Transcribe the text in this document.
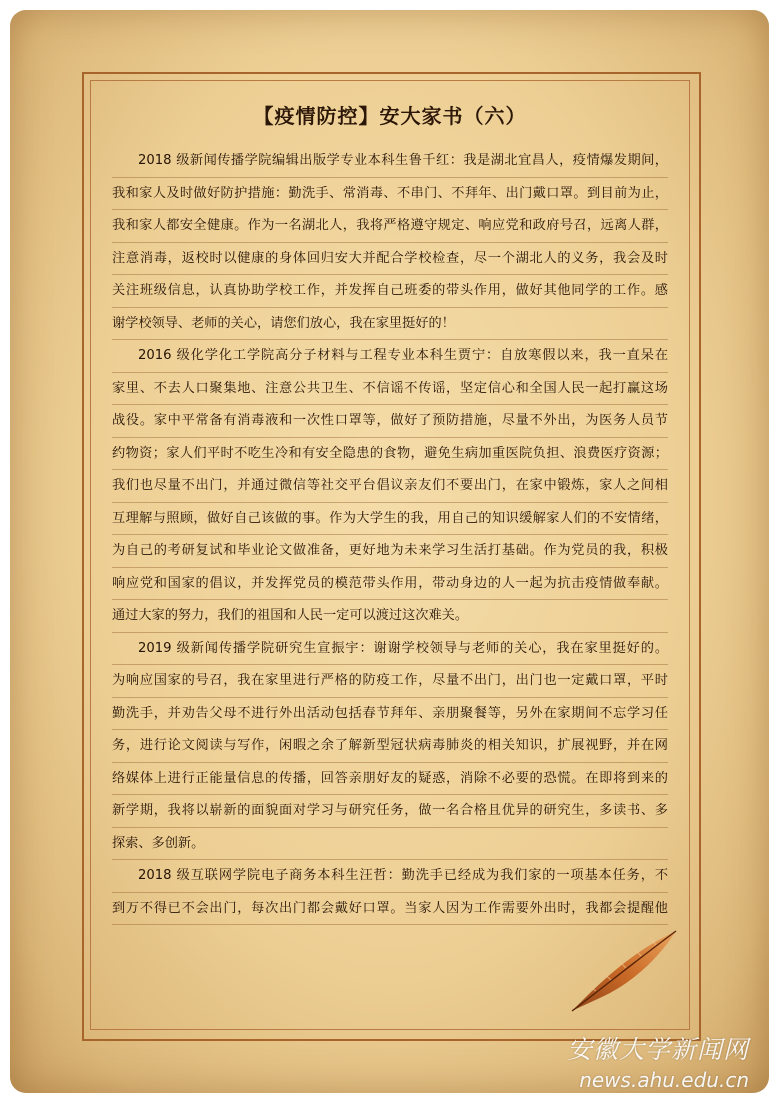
【疫情防控】安大家书（六）
2018 级新闻传播学院编辑出版学专业本科生鲁千红：我是湖北宜昌人，疫情爆发期间，
我和家人及时做好防护措施：勤洗手、常消毒、不串门、不拜年、出门戴口罩。到目前为止，
我和家人都安全健康。作为一名湖北人，我将严格遵守规定、响应党和政府号召，远离人群，
注意消毒，返校时以健康的身体回归安大并配合学校检查，尽一个湖北人的义务，我会及时
关注班级信息，认真协助学校工作，并发挥自己班委的带头作用，做好其他同学的工作。感
谢学校领导、老师的关心，请您们放心，我在家里挺好的！
2016 级化学化工学院高分子材料与工程专业本科生贾宁：自放寒假以来，我一直呆在
家里、不去人口聚集地、注意公共卫生、不信谣不传谣，坚定信心和全国人民一起打赢这场
战役。家中平常备有消毒液和一次性口罩等，做好了预防措施，尽量不外出，为医务人员节
约物资；家人们平时不吃生冷和有安全隐患的食物，避免生病加重医院负担、浪费医疗资源；
我们也尽量不出门，并通过微信等社交平台倡议亲友们不要出门，在家中锻炼，家人之间相
互理解与照顾，做好自己该做的事。作为大学生的我，用自己的知识缓解家人们的不安情绪，
为自己的考研复试和毕业论文做准备，更好地为未来学习生活打基础。作为党员的我，积极
响应党和国家的倡议，并发挥党员的模范带头作用，带动身边的人一起为抗击疫情做奉献。
通过大家的努力，我们的祖国和人民一定可以渡过这次难关。
2019 级新闻传播学院研究生宣振宇：谢谢学校领导与老师的关心，我在家里挺好的。
为响应国家的号召，我在家里进行严格的防疫工作，尽量不出门，出门也一定戴口罩，平时
勤洗手，并劝告父母不进行外出活动包括春节拜年、亲朋聚餐等，另外在家期间不忘学习任
务，进行论文阅读与写作，闲暇之余了解新型冠状病毒肺炎的相关知识，扩展视野，并在网
络媒体上进行正能量信息的传播，回答亲朋好友的疑惑，消除不必要的恐慌。在即将到来的
新学期，我将以崭新的面貌面对学习与研究任务，做一名合格且优异的研究生，多读书、多
探索、多创新。
2018 级互联网学院电子商务本科生汪哲：勤洗手已经成为我们家的一项基本任务，不
到万不得已不会出门，每次出门都会戴好口罩。当家人因为工作需要外出时，我都会提醒他
安徽大学新闻网
news.ahu.edu.cn
